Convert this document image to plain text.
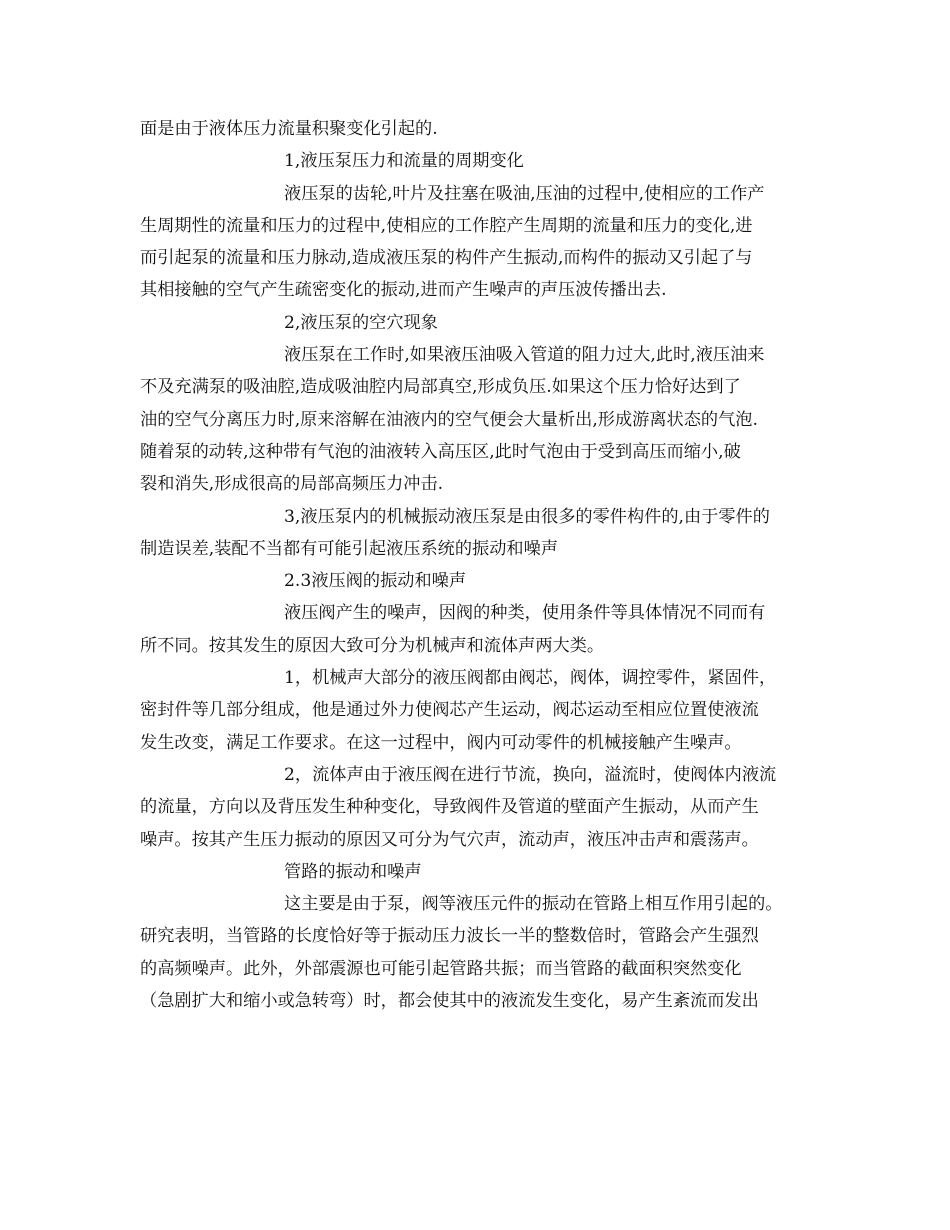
面是由于液体压力流量积聚变化引起的.
1,液压泵压力和流量的周期变化
液压泵的齿轮,叶片及拄塞在吸油,压油的过程中,使相应的工作产
生周期性的流量和压力的过程中,使相应的工作腔产生周期的流量和压力的变化,进
而引起泵的流量和压力脉动,造成液压泵的构件产生振动,而构件的振动又引起了与
其相接触的空气产生疏密变化的振动,进而产生噪声的声压波传播出去.
2,液压泵的空穴现象
液压泵在工作时,如果液压油吸入管道的阻力过大,此时,液压油来
不及充满泵的吸油腔,造成吸油腔内局部真空,形成负压.如果这个压力恰好达到了
油的空气分离压力时,原来溶解在油液内的空气便会大量析出,形成游离状态的气泡.
随着泵的动转,这种带有气泡的油液转入高压区,此时气泡由于受到高压而缩小,破
裂和消失,形成很高的局部高频压力冲击.
3,液压泵内的机械振动液压泵是由很多的零件构件的,由于零件的
制造误差,装配不当都有可能引起液压系统的振动和噪声
2.3液压阀的振动和噪声
液压阀产生的噪声，因阀的种类，使用条件等具体情况不同而有
所不同。按其发生的原因大致可分为机械声和流体声两大类。
1，机械声大部分的液压阀都由阀芯，阀体，调控零件，紧固件，
密封件等几部分组成，他是通过外力使阀芯产生运动，阀芯运动至相应位置使液流
发生改变，满足工作要求。在这一过程中，阀内可动零件的机械接触产生噪声。
2，流体声由于液压阀在进行节流，换向，溢流时，使阀体内液流
的流量，方向以及背压发生种种变化，导致阀件及管道的壁面产生振动，从而产生
噪声。按其产生压力振动的原因又可分为气穴声，流动声，液压冲击声和震荡声。
管路的振动和噪声
这主要是由于泵，阀等液压元件的振动在管路上相互作用引起的。
研究表明，当管路的长度恰好等于振动压力波长一半的整数倍时，管路会产生强烈
的高频噪声。此外，外部震源也可能引起管路共振；而当管路的截面积突然变化
（急剧扩大和缩小或急转弯）时，都会使其中的液流发生变化，易产生紊流而发出
